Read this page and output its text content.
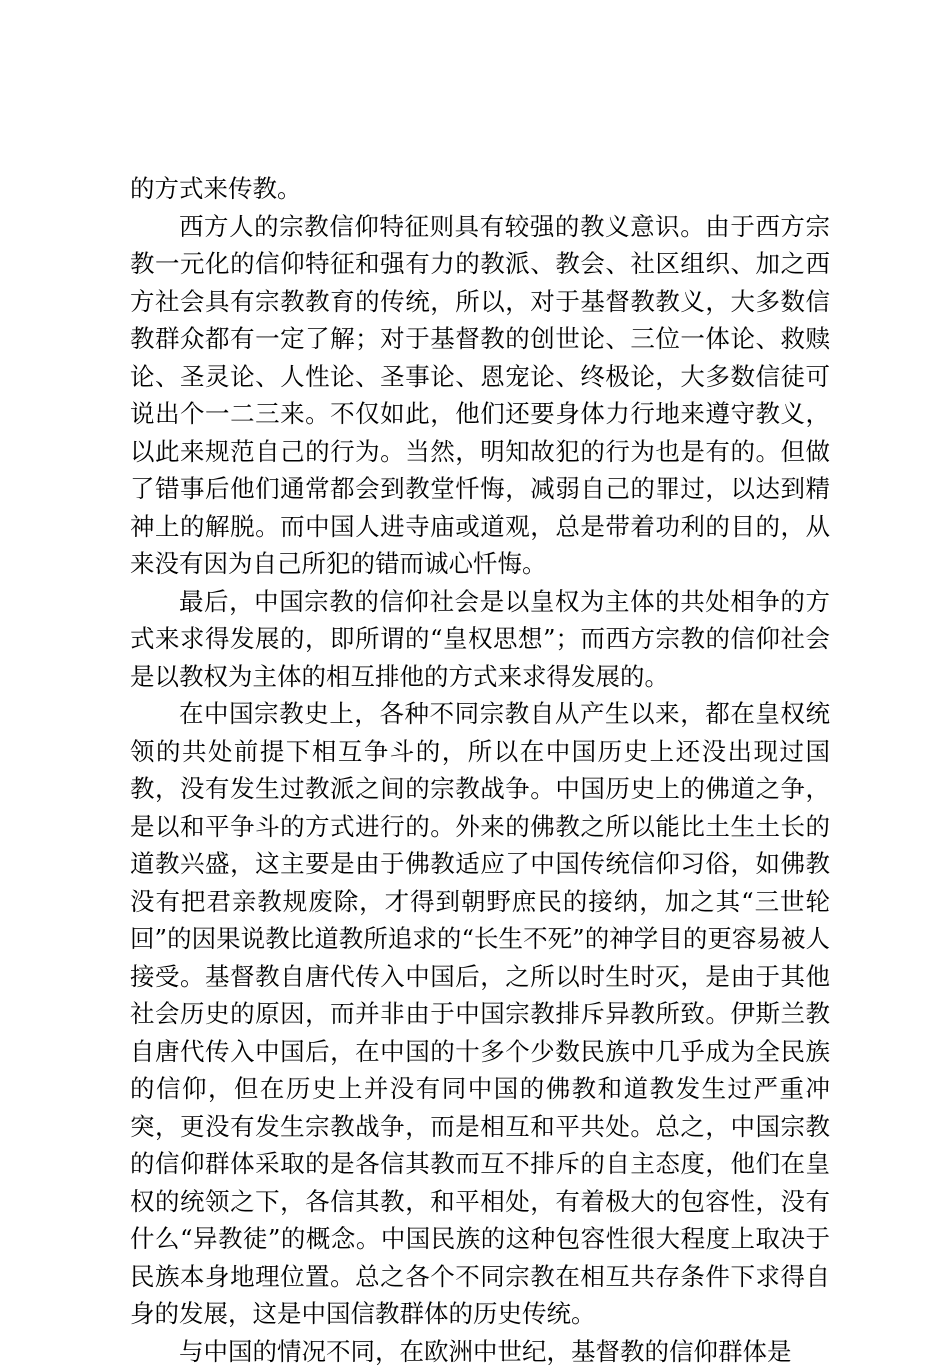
的方式来传教。

西方人的宗教信仰特征则具有较强的教义意识。由于西方宗教一元化的信仰特征和强有力的教派、教会、社区组织、加之西方社会具有宗教教育的传统，所以，对于基督教教义，大多数信教群众都有一定了解；对于基督教的创世论、三位一体论、救赎论、圣灵论、人性论、圣事论、恩宠论、终极论，大多数信徒可说出个一二三来。不仅如此，他们还要身体力行地来遵守教义，以此来规范自己的行为。当然，明知故犯的行为也是有的。但做了错事后他们通常都会到教堂忏悔，减弱自己的罪过，以达到精神上的解脱。而中国人进寺庙或道观，总是带着功利的目的，从来没有因为自己所犯的错而诚心忏悔。

最后，中国宗教的信仰社会是以皇权为主体的共处相争的方式来求得发展的，即所谓的“皇权思想”；而西方宗教的信仰社会是以教权为主体的相互排他的方式来求得发展的。

在中国宗教史上，各种不同宗教自从产生以来，都在皇权统领的共处前提下相互争斗的，所以在中国历史上还没出现过国教，没有发生过教派之间的宗教战争。中国历史上的佛道之争，是以和平争斗的方式进行的。外来的佛教之所以能比土生土长的道教兴盛，这主要是由于佛教适应了中国传统信仰习俗，如佛教没有把君亲教规废除，才得到朝野庶民的接纳，加之其“三世轮回”的因果说教比道教所追求的“长生不死”的神学目的更容易被人接受。基督教自唐代传入中国后，之所以时生时灭，是由于其他社会历史的原因，而并非由于中国宗教排斥异教所致。伊斯兰教自唐代传入中国后，在中国的十多个少数民族中几乎成为全民族的信仰，但在历史上并没有同中国的佛教和道教发生过严重冲突，更没有发生宗教战争，而是相互和平共处。总之，中国宗教的信仰群体采取的是各信其教而互不排斥的自主态度，他们在皇权的统领之下，各信其教，和平相处，有着极大的包容性，没有什么“异教徒”的概念。中国民族的这种包容性很大程度上取决于民族本身地理位置。总之各个不同宗教在相互共存条件下求得自身的发展，这是中国信教群体的历史传统。

与中国的情况不同，在欧洲中世纪，基督教的信仰群体是
